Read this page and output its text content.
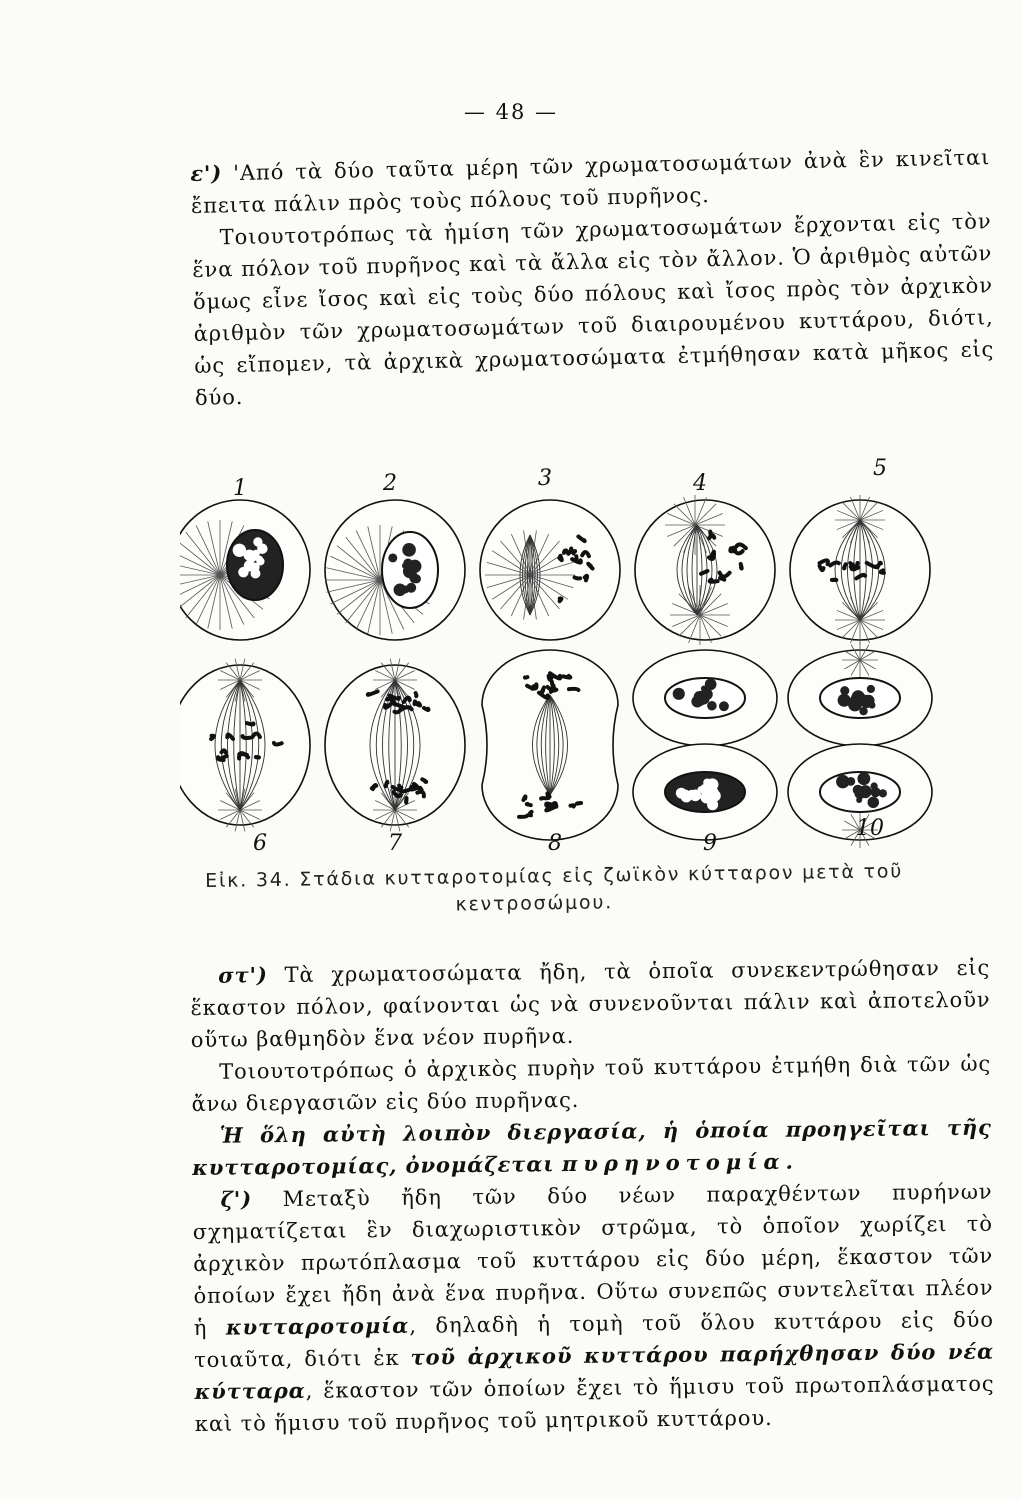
— 48 —

ε') 'Από τὰ δύο ταῦτα μέρη τῶν χρωματοσωμάτων ἀνὰ ἓν κινεῖται ἔπειτα πάλιν πρὸς τοὺς πόλους τοῦ πυρῆνος.

Τοιουτοτρόπως τὰ ἡμίση τῶν χρωματοσωμάτων ἔρχονται εἰς τὸν ἕνα πόλον τοῦ πυρῆνος καὶ τὰ ἄλλα εἰς τὸν ἄλλον. Ὁ ἀριθμὸς αὐτῶν ὅμως εἶνε ἴσος καὶ εἰς τοὺς δύο πόλους καὶ ἴσος πρὸς τὸν ἀρχικὸν ἀριθμὸν τῶν χρωματοσωμάτων τοῦ διαιρουμένου κυττάρου, διότι, ὡς εἴπομεν, τὰ ἀρχικὰ χρωματοσώματα ἐτμήθησαν κατὰ μῆκος εἰς δύο.

1	2	3	4
5
6	7	8	9
10
Εἰκ. 34. Στάδια κυτταροτομίας εἰς ζωϊκὸν κύτταρον μετὰ τοῦ
κεντροσώμου.

στ') Τὰ χρωματοσώματα ἤδη, τὰ ὁποῖα συνεκεντρώθησαν εἰς ἕκαστον πόλον, φαίνονται ὡς νὰ συνενοῦνται πάλιν καὶ ἀποτελοῦν οὕτω βαθμηδὸν ἕνα νέον πυρῆνα.

Τοιουτοτρόπως ὁ ἀρχικὸς πυρὴν τοῦ κυττάρου ἐτμήθη διὰ τῶν ὡς ἄνω διεργασιῶν εἰς δύο πυρῆνας.

Ἡ ὅλη αὐτὴ λοιπὸν διεργασία, ἡ ὁποία προηγεῖται τῆς κυτταροτομίας, ὀνομάζεται πυρηνοτομία.

ζ') Μεταξὺ ἤδη τῶν δύο νέων παραχθέντων πυρήνων σχηματίζεται ἓν διαχωριστικὸν στρῶμα, τὸ ὁποῖον χωρίζει τὸ ἀρχικὸν πρωτόπλασμα τοῦ κυττάρου εἰς δύο μέρη, ἕκαστον τῶν ὁποίων ἔχει ἤδη ἀνὰ ἕνα πυρῆνα. Οὕτω συνεπῶς συντελεῖται πλέον ἡ κυτταροτομία, δηλαδὴ ἡ τομὴ τοῦ ὅλου κυττάρου εἰς δύο τοιαῦτα, διότι ἐκ τοῦ ἀρχικοῦ κυττάρου παρήχθησαν δύο νέα κύτταρα, ἕκαστον τῶν ὁποίων ἔχει τὸ ἥμισυ τοῦ πρωτοπλάσματος καὶ τὸ ἥμισυ τοῦ πυρῆνος τοῦ μητρικοῦ κυττάρου.
